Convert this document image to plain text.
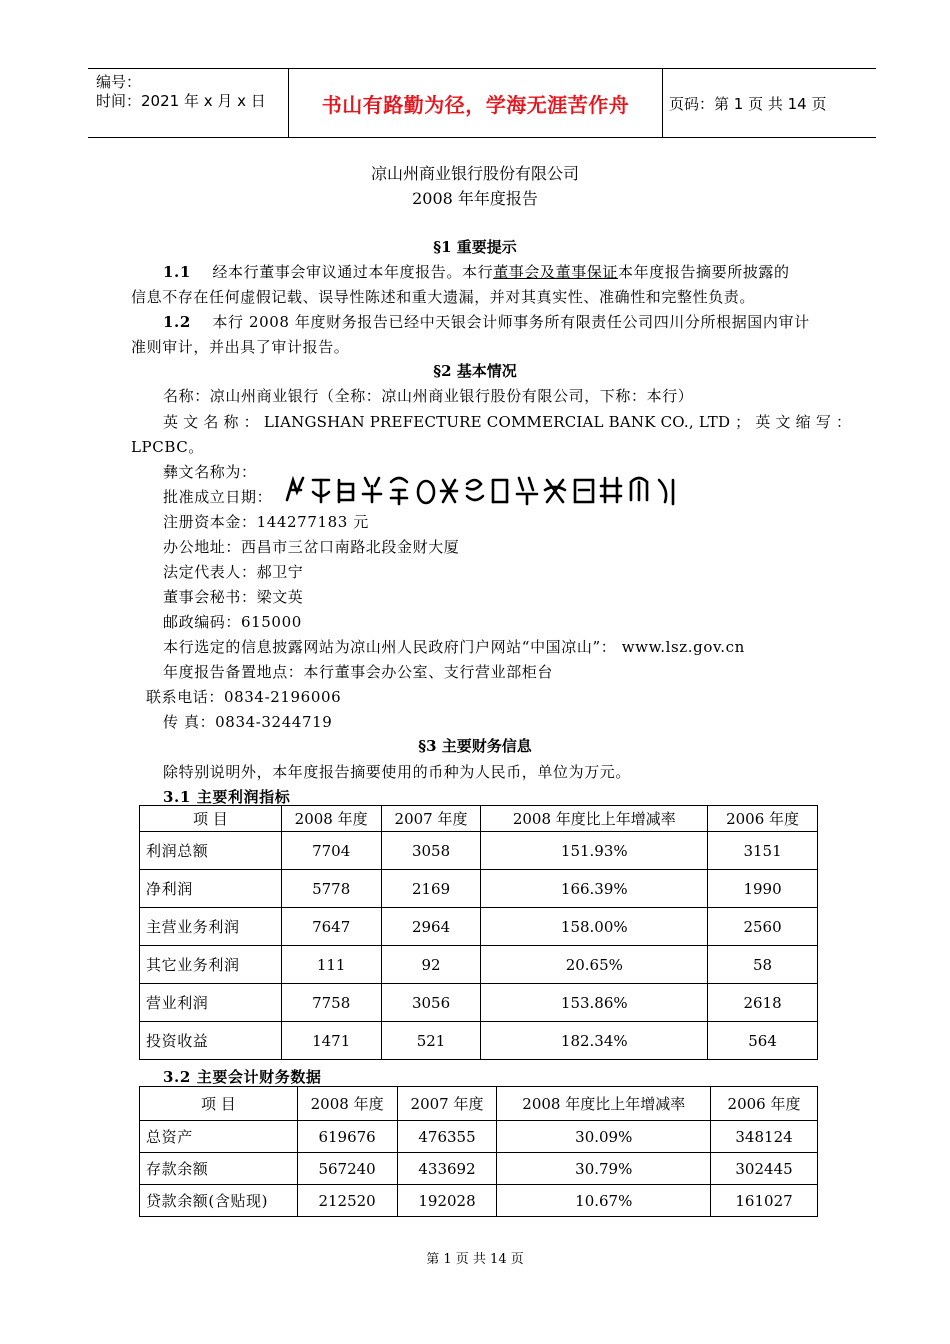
编号：
时间：2021 年 x 月 x 日	书山有路勤为径，学海无涯苦作舟	页码：第 1 页 共 14 页
凉山州商业银行股份有限公司
2008 年年度报告
§1 重要提示
1.1 经本行董事会审议通过本年度报告。本行董事会及董事保证本年度报告摘要所披露的
信息不存在任何虚假记载、误导性陈述和重大遗漏，并对其真实性、准确性和完整性负责。
1.2 本行 2008 年度财务报告已经中天银会计师事务所有限责任公司四川分所根据国内审计
准则审计，并出具了审计报告。
§2 基本情况
名称：凉山州商业银行（全称：凉山州商业银行股份有限公司，下称：本行）
英 文 名 称 ： LIANGSHAN PREFECTURE COMMERCIAL BANK CO., LTD ； 英 文 缩 写 ：
LPCBC。
彝文名称为：
批准成立日期：
注册资本金：144277183 元
办公地址：西昌市三岔口南路北段金财大厦
法定代表人：郝卫宁
董事会秘书：梁文英
邮政编码：615000
本行选定的信息披露网站为凉山州人民政府门户网站“中国凉山”： www.lsz.gov.cn
年度报告备置地点：本行董事会办公室、支行营业部柜台
联系电话：0834-2196006
传 真：0834-3244719
§3 主要财务信息
除特别说明外，本年度报告摘要使用的币种为人民币，单位为万元。
3.1 主要利润指标
项 目	2008 年度	2007 年度	2008 年度比上年增减率	2006 年度
利润总额	7704	3058	151.93%	3151
净利润	5778	2169	166.39%	1990
主营业务利润	7647	2964	158.00%	2560
其它业务利润	111	92	20.65%	58
营业利润	7758	3056	153.86%	2618
投资收益	1471	521	182.34%	564
3.2 主要会计财务数据
项 目	2008 年度	2007 年度	2008 年度比上年增减率	2006 年度
总资产	619676	476355	30.09%	348124
存款余额	567240	433692	30.79%	302445
贷款余额(含贴现)	212520	192028	10.67%	161027
第 1 页 共 14 页
